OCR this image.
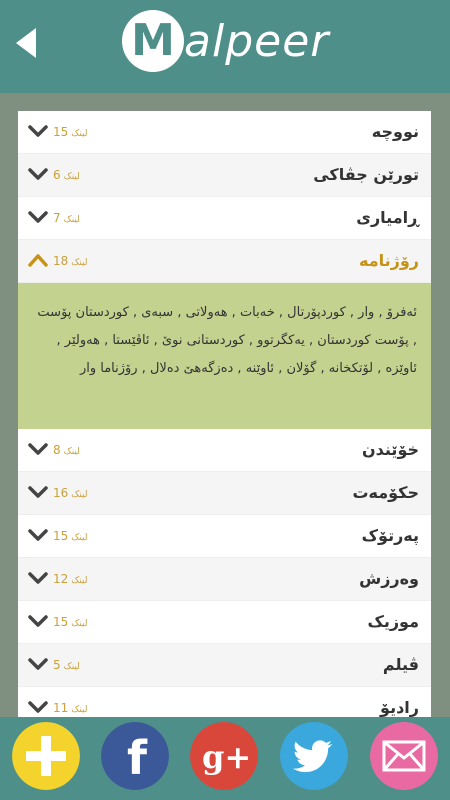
M alpeer
15 لینک	نووچە
6 لینک	تورێن جڤاکی
7 لینک	ڕامیاری
18 لینک	رۆژنامە
ئەفرۆ , وار , کوردپۆرتال , خەبات , هەولاتی , سبەی , کوردستان پۆست , پۆست کوردستان , یەکگرتوو , کوردستانی نوێ , ئاڤێستا , هەولێر , ئاوێزە , لۆتکخانە , گۆلان , ئاوێنە , دەزگەهێ دەلال , رۆژناما وار
8 لینک	خۆێندن
16 لینک	حکۆمەت
15 لینک	پەرتۆک
12 لینک	وەرزش
15 لینک	موزیک
5 لینک	ڤیلم
11 لینک	رادیۆ
f g+
